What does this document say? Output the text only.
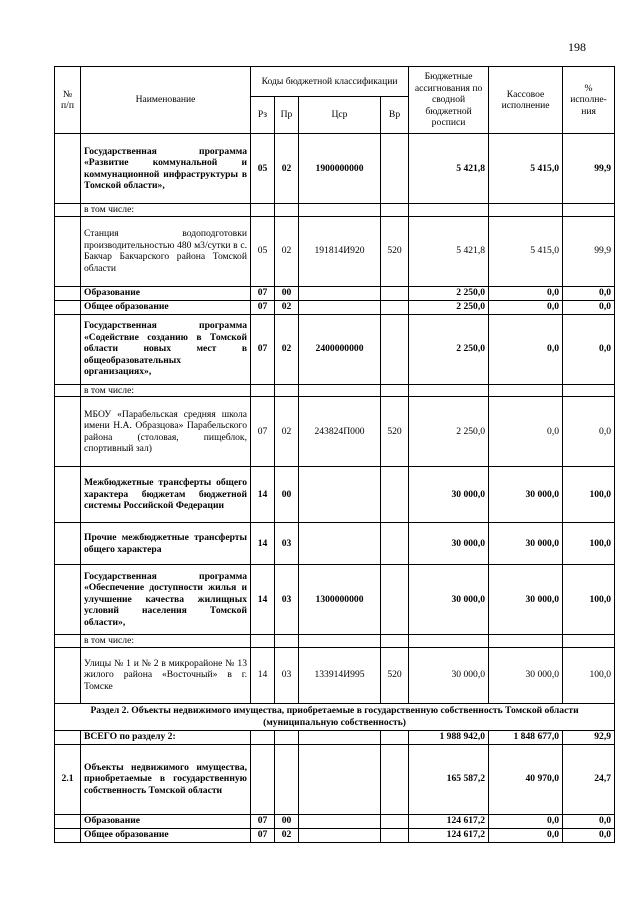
198
№ п/п	Наименование	Коды бюджетной классификации				Бюджетные ассигнования по сводной бюджетной росписи	Кассовое исполнение	% исполне-ния
		Рз	Пр	Цср	Вр			
	Государственная программа «Развитие коммунальной и коммунационной инфраструктуры в Томской области»,	05	02	1900000000		5 421,8	5 415,0	99,9
	в том числе:							
	Станция водоподготовки производительностью 480 м3/сутки в с. Бакчар Бакчарского района Томской области	05	02	191814И920	520	5 421,8	5 415,0	99,9
	Образование	07	00			2 250,0	0,0	0,0
	Общее образование	07	02			2 250,0	0,0	0,0
	Государственная программа «Содействие созданию в Томской области новых мест в общеобразовательных организациях»,	07	02	2400000000		2 250,0	0,0	0,0
	в том числе:							
	МБОУ «Парабельская средняя школа имени Н.А. Образцова» Парабельского района (столовая, пищеблок, спортивный зал)	07	02	243824П000	520	2 250,0	0,0	0,0
	Межбюджетные трансферты общего характера бюджетам бюджетной системы Российской Федерации	14	00			30 000,0	30 000,0	100,0
	Прочие межбюджетные трансферты общего характера	14	03			30 000,0	30 000,0	100,0
	Государственная программа «Обеспечение доступности жилья и улучшение качества жилищных условий населения Томской области»,	14	03	1300000000		30 000,0	30 000,0	100,0
	в том числе:							
	Улицы № 1 и № 2 в микрорайоне № 13 жилого района «Восточный» в г. Томске	14	03	133914И995	520	30 000,0	30 000,0	100,0
Раздел 2. Объекты недвижимого имущества, приобретаемые в государственную собственность Томской области (муниципальную собственность)								
	ВСЕГО по разделу 2:					1 988 942,0	1 848 677,0	92,9
2.1	Объекты недвижимого имущества, приобретаемые в государственную собственность Томской области					165 587,2	40 970,0	24,7
	Образование	07	00			124 617,2	0,0	0,0
	Общее образование	07	02			124 617,2	0,0	0,0
